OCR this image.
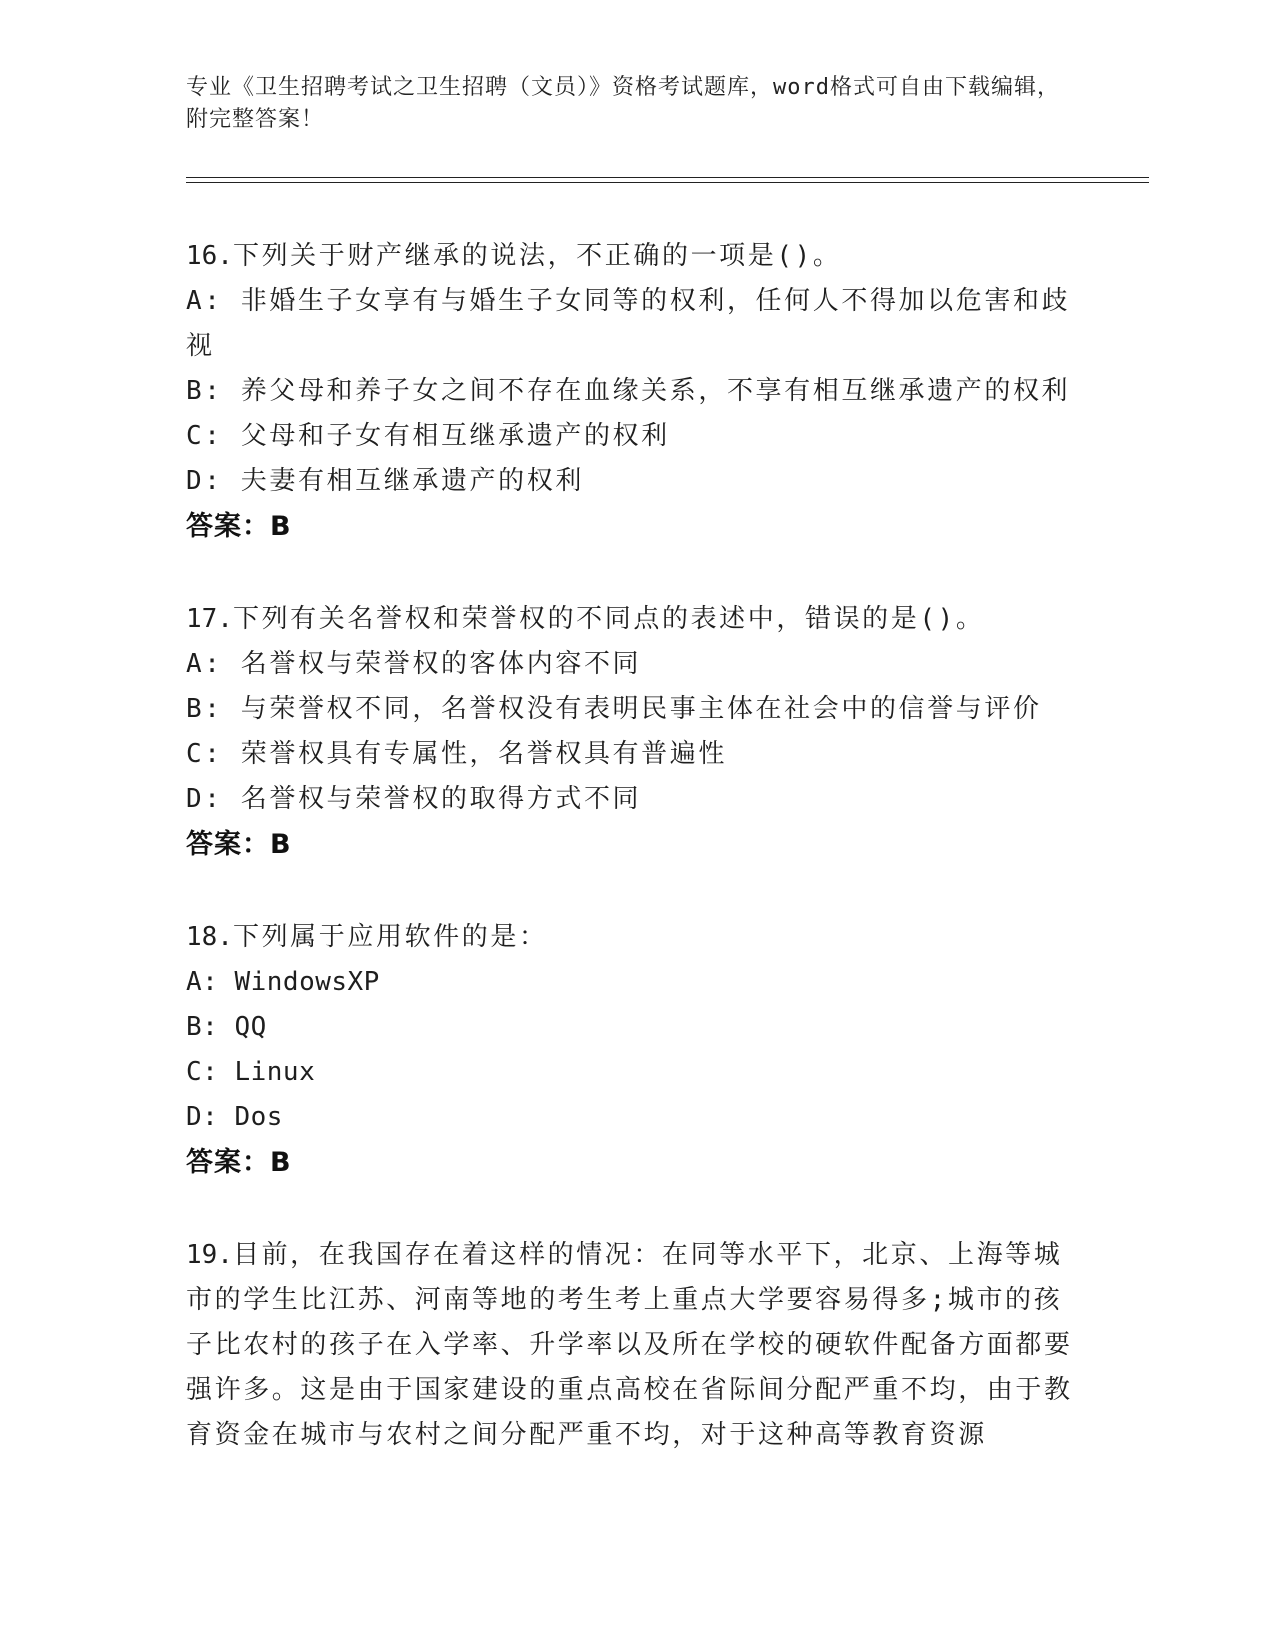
专业《卫生招聘考试之卫生招聘（文员）》资格考试题库，word格式可自由下载编辑，附完整答案！
16.下列关于财产继承的说法，不正确的一项是()。
A: 非婚生子女享有与婚生子女同等的权利，任何人不得加以危害和歧视
B: 养父母和养子女之间不存在血缘关系，不享有相互继承遗产的权利
C: 父母和子女有相互继承遗产的权利
D: 夫妻有相互继承遗产的权利
答案：B
17.下列有关名誉权和荣誉权的不同点的表述中，错误的是()。
A: 名誉权与荣誉权的客体内容不同
B: 与荣誉权不同，名誉权没有表明民事主体在社会中的信誉与评价
C: 荣誉权具有专属性，名誉权具有普遍性
D: 名誉权与荣誉权的取得方式不同
答案：B
18.下列属于应用软件的是：
A: WindowsXP
B: QQ
C: Linux
D: Dos
答案：B
19.目前，在我国存在着这样的情况：在同等水平下，北京、上海等城市的学生比江苏、河南等地的考生考上重点大学要容易得多;城市的孩子比农村的孩子在入学率、升学率以及所在学校的硬软件配备方面都要强许多。这是由于国家建设的重点高校在省际间分配严重不均，由于教育资金在城市与农村之间分配严重不均，对于这种高等教育资源
